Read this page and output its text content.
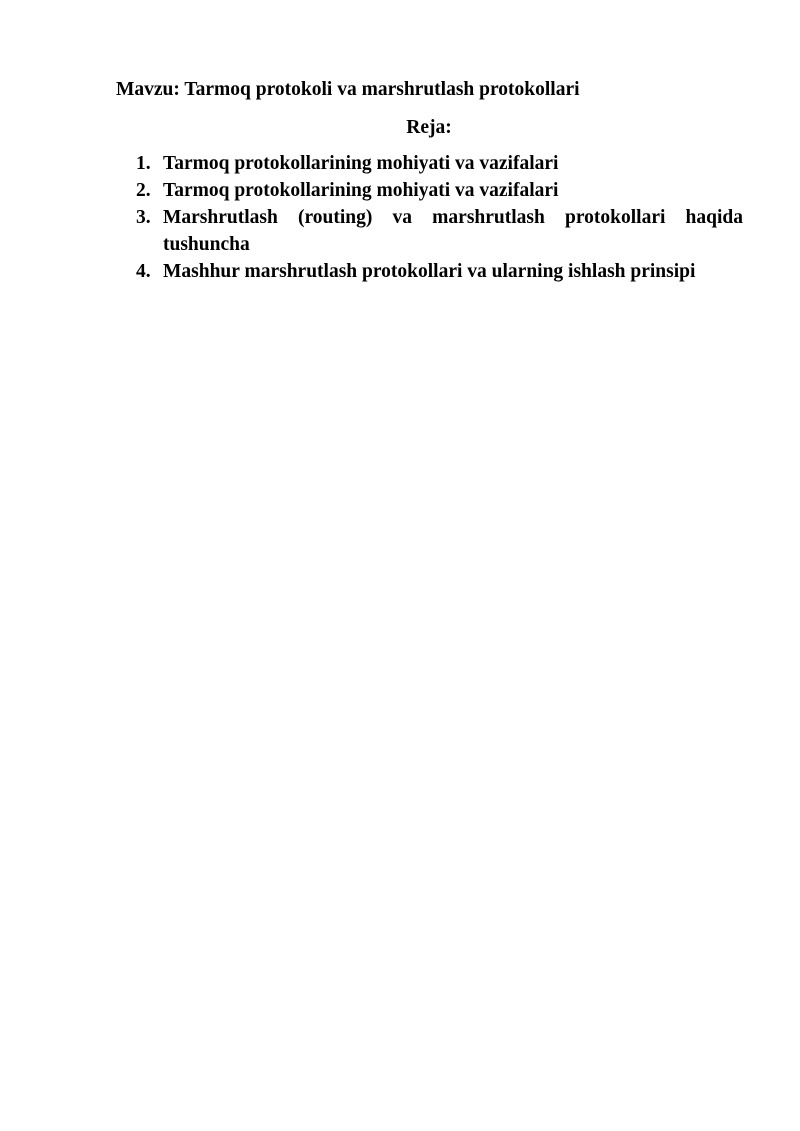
Mavzu: Tarmoq protokoli va marshrutlash protokollari
Reja:
1. Tarmoq protokollarining mohiyati va vazifalari
2. Tarmoq protokollarining mohiyati va vazifalari
3. Marshrutlash (routing) va marshrutlash protokollari haqida tushuncha
4. Mashhur marshrutlash protokollari va ularning ishlash prinsipi
